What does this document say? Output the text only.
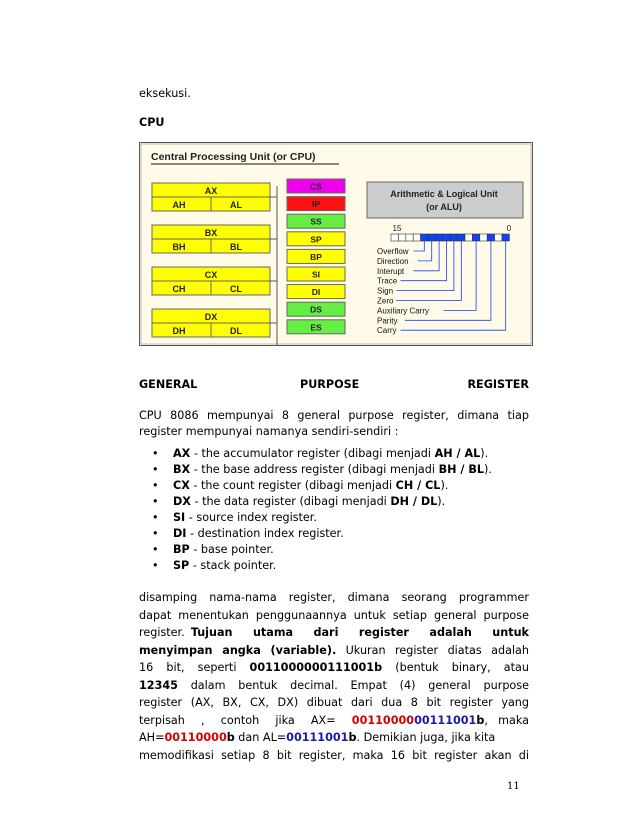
eksekusi.
CPU
Central Processing Unit (or CPU)
AX
AH	AL
BX
BH	BL
CX
CH	CL
DX
DH	DL
CS
IP
SS
SP
BP
SI
DI
DS
ES
Arithmetic & Logical Unit
(or ALU)
15	0
Overflow
Direction
Interupt
Trace
Sign
Zero
Auxiliary Carry
Parity
Carry
GENERAL	PURPOSE	REGISTER
CPU 8086 mempunyai 8 general purpose register, dimana tiap
register mempunyai namanya sendiri-sendiri :
• AX - the accumulator register (dibagi menjadi AH / AL).
• BX - the base address register (dibagi menjadi BH / BL).
• CX - the count register (dibagi menjadi CH / CL).
• DX - the data register (dibagi menjadi DH / DL).
• SI - source index register.
• DI - destination index register.
• BP - base pointer.
• SP - stack pointer.
disamping nama-nama register, dimana seorang programmer
dapat menentukan penggunaannya untuk setiap general purpose
register. Tujuan utama dari register adalah untuk
menyimpan angka (variable). Ukuran register diatas adalah
16 bit, seperti 0011000000111001b (bentuk binary, atau
12345 dalam bentuk decimal. Empat (4) general purpose
register (AX, BX, CX, DX) dibuat dari dua 8 bit register yang
terpisah , contoh jika AX= 0011000000111001b, maka
AH=00110000b dan AL=00111001b. Demikian juga, jika kita
memodifikasi setiap 8 bit register, maka 16 bit register akan di
11
